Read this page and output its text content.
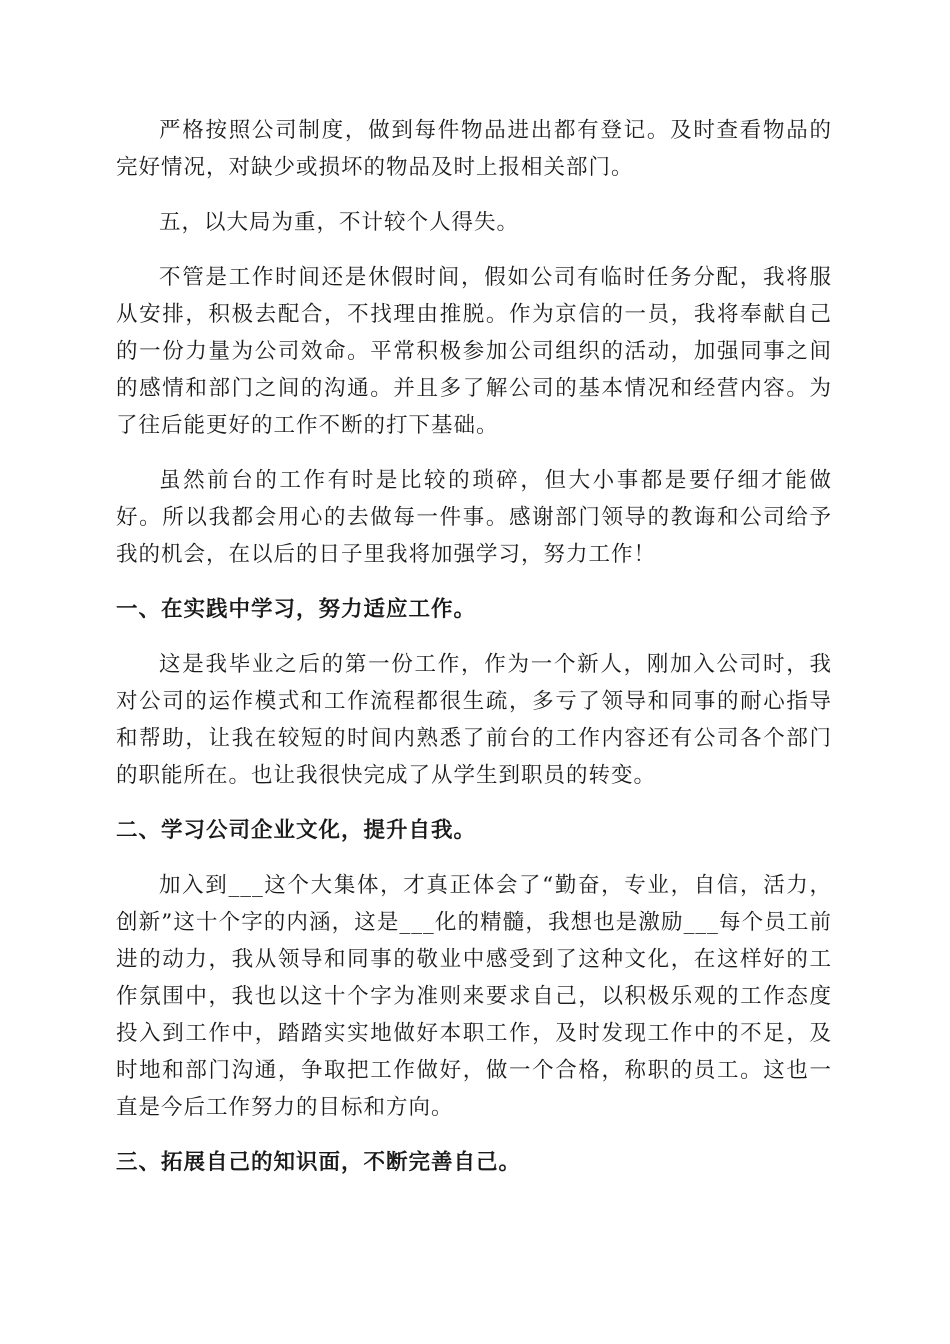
严格按照公司制度，做到每件物品进出都有登记。及时查看物品的完好情况，对缺少或损坏的物品及时上报相关部门。

五，以大局为重，不计较个人得失。

不管是工作时间还是休假时间，假如公司有临时任务分配，我将服从安排，积极去配合，不找理由推脱。作为京信的一员，我将奉献自己的一份力量为公司效命。平常积极参加公司组织的活动，加强同事之间的感情和部门之间的沟通。并且多了解公司的基本情况和经营内容。为了往后能更好的工作不断的打下基础。

虽然前台的工作有时是比较的琐碎，但大小事都是要仔细才能做好。所以我都会用心的去做每一件事。感谢部门领导的教诲和公司给予我的机会，在以后的日子里我将加强学习，努力工作！

一、在实践中学习，努力适应工作。

这是我毕业之后的第一份工作，作为一个新人，刚加入公司时，我对公司的运作模式和工作流程都很生疏，多亏了领导和同事的耐心指导和帮助，让我在较短的时间内熟悉了前台的工作内容还有公司各个部门的职能所在。也让我很快完成了从学生到职员的转变。

二、学习公司企业文化，提升自我。

加入到___这个大集体，才真正体会了“勤奋，专业，自信，活力，创新”这十个字的内涵，这是___化的精髓，我想也是激励___每个员工前进的动力，我从领导和同事的敬业中感受到了这种文化，在这样好的工作氛围中，我也以这十个字为准则来要求自己，以积极乐观的工作态度投入到工作中，踏踏实实地做好本职工作，及时发现工作中的不足，及时地和部门沟通，争取把工作做好，做一个合格，称职的员工。这也一直是今后工作努力的目标和方向。

三、拓展自己的知识面，不断完善自己。
